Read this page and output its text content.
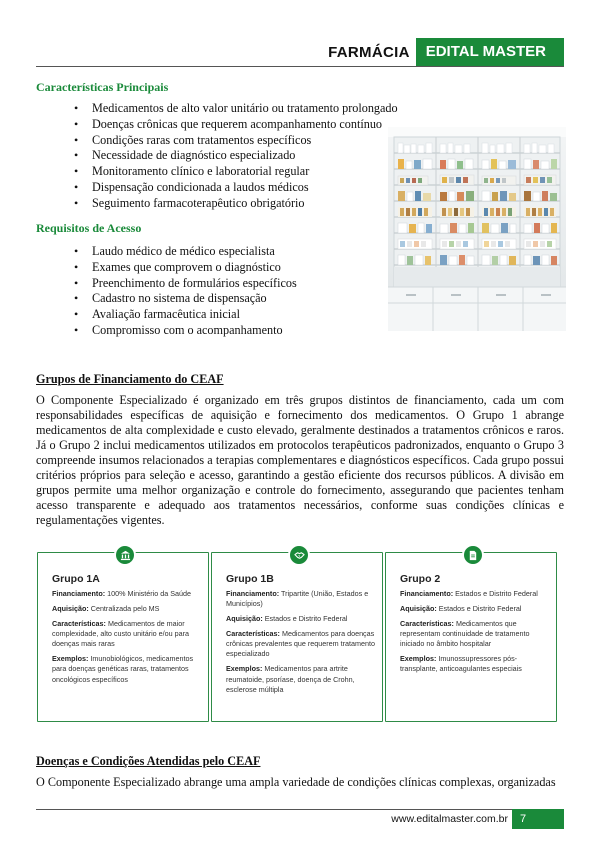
FARMÁCIA	EDITAL MASTER
Características Principais
• Medicamentos de alto valor unitário ou tratamento prolongado
• Doenças crônicas que requerem acompanhamento contínuo
• Condições raras com tratamentos específicos
• Necessidade de diagnóstico especializado
• Monitoramento clínico e laboratorial regular
• Dispensação condicionada a laudos médicos
• Seguimento farmacoterapêutico obrigatório
Requisitos de Acesso
• Laudo médico de médico especialista
• Exames que comprovem o diagnóstico
• Preenchimento de formulários específicos
• Cadastro no sistema de dispensação
• Avaliação farmacêutica inicial
• Compromisso com o acompanhamento
Grupos de Financiamento do CEAF
O Componente Especializado é organizado em três grupos distintos de financiamento, cada um com responsabilidades específicas de aquisição e fornecimento dos medicamentos. O Grupo 1 abrange medicamentos de alta complexidade e custo elevado, geralmente destinados a tratamentos crônicos e raros. Já o Grupo 2 inclui medicamentos utilizados em protocolos terapêuticos padronizados, enquanto o Grupo 3 compreende insumos relacionados a terapias complementares e diagnósticos específicos. Cada grupo possui critérios próprios para seleção e acesso, garantindo a gestão eficiente dos recursos públicos. A divisão em grupos permite uma melhor organização e controle do fornecimento, assegurando que pacientes tenham acesso transparente e adequado aos tratamentos necessários, conforme suas condições clínicas e regulamentações vigentes.
Grupo 1A

Financiamento: 100% Ministério da Saúde

Aquisição: Centralizada pelo MS

Características: Medicamentos de maior complexidade, alto custo unitário e/ou para doenças mais raras

Exemplos: Imunobiológicos, medicamentos para doenças genéticas raras, tratamentos oncológicos específicos

Grupo 1B

Financiamento: Tripartite (União, Estados e Municípios)

Aquisição: Estados e Distrito Federal

Características: Medicamentos para doenças crônicas prevalentes que requerem tratamento especializado

Exemplos: Medicamentos para artrite reumatoide, psoríase, doença de Crohn, esclerose múltipla

Grupo 2

Financiamento: Estados e Distrito Federal

Aquisição: Estados e Distrito Federal

Características: Medicamentos que representam continuidade de tratamento iniciado no âmbito hospitalar

Exemplos: Imunossupressores pós-transplante, anticoagulantes especiais

Doenças e Condições Atendidas pelo CEAF
O Componente Especializado abrange uma ampla variedade de condições clínicas complexas, organizadas
www.editalmaster.com.br	7
